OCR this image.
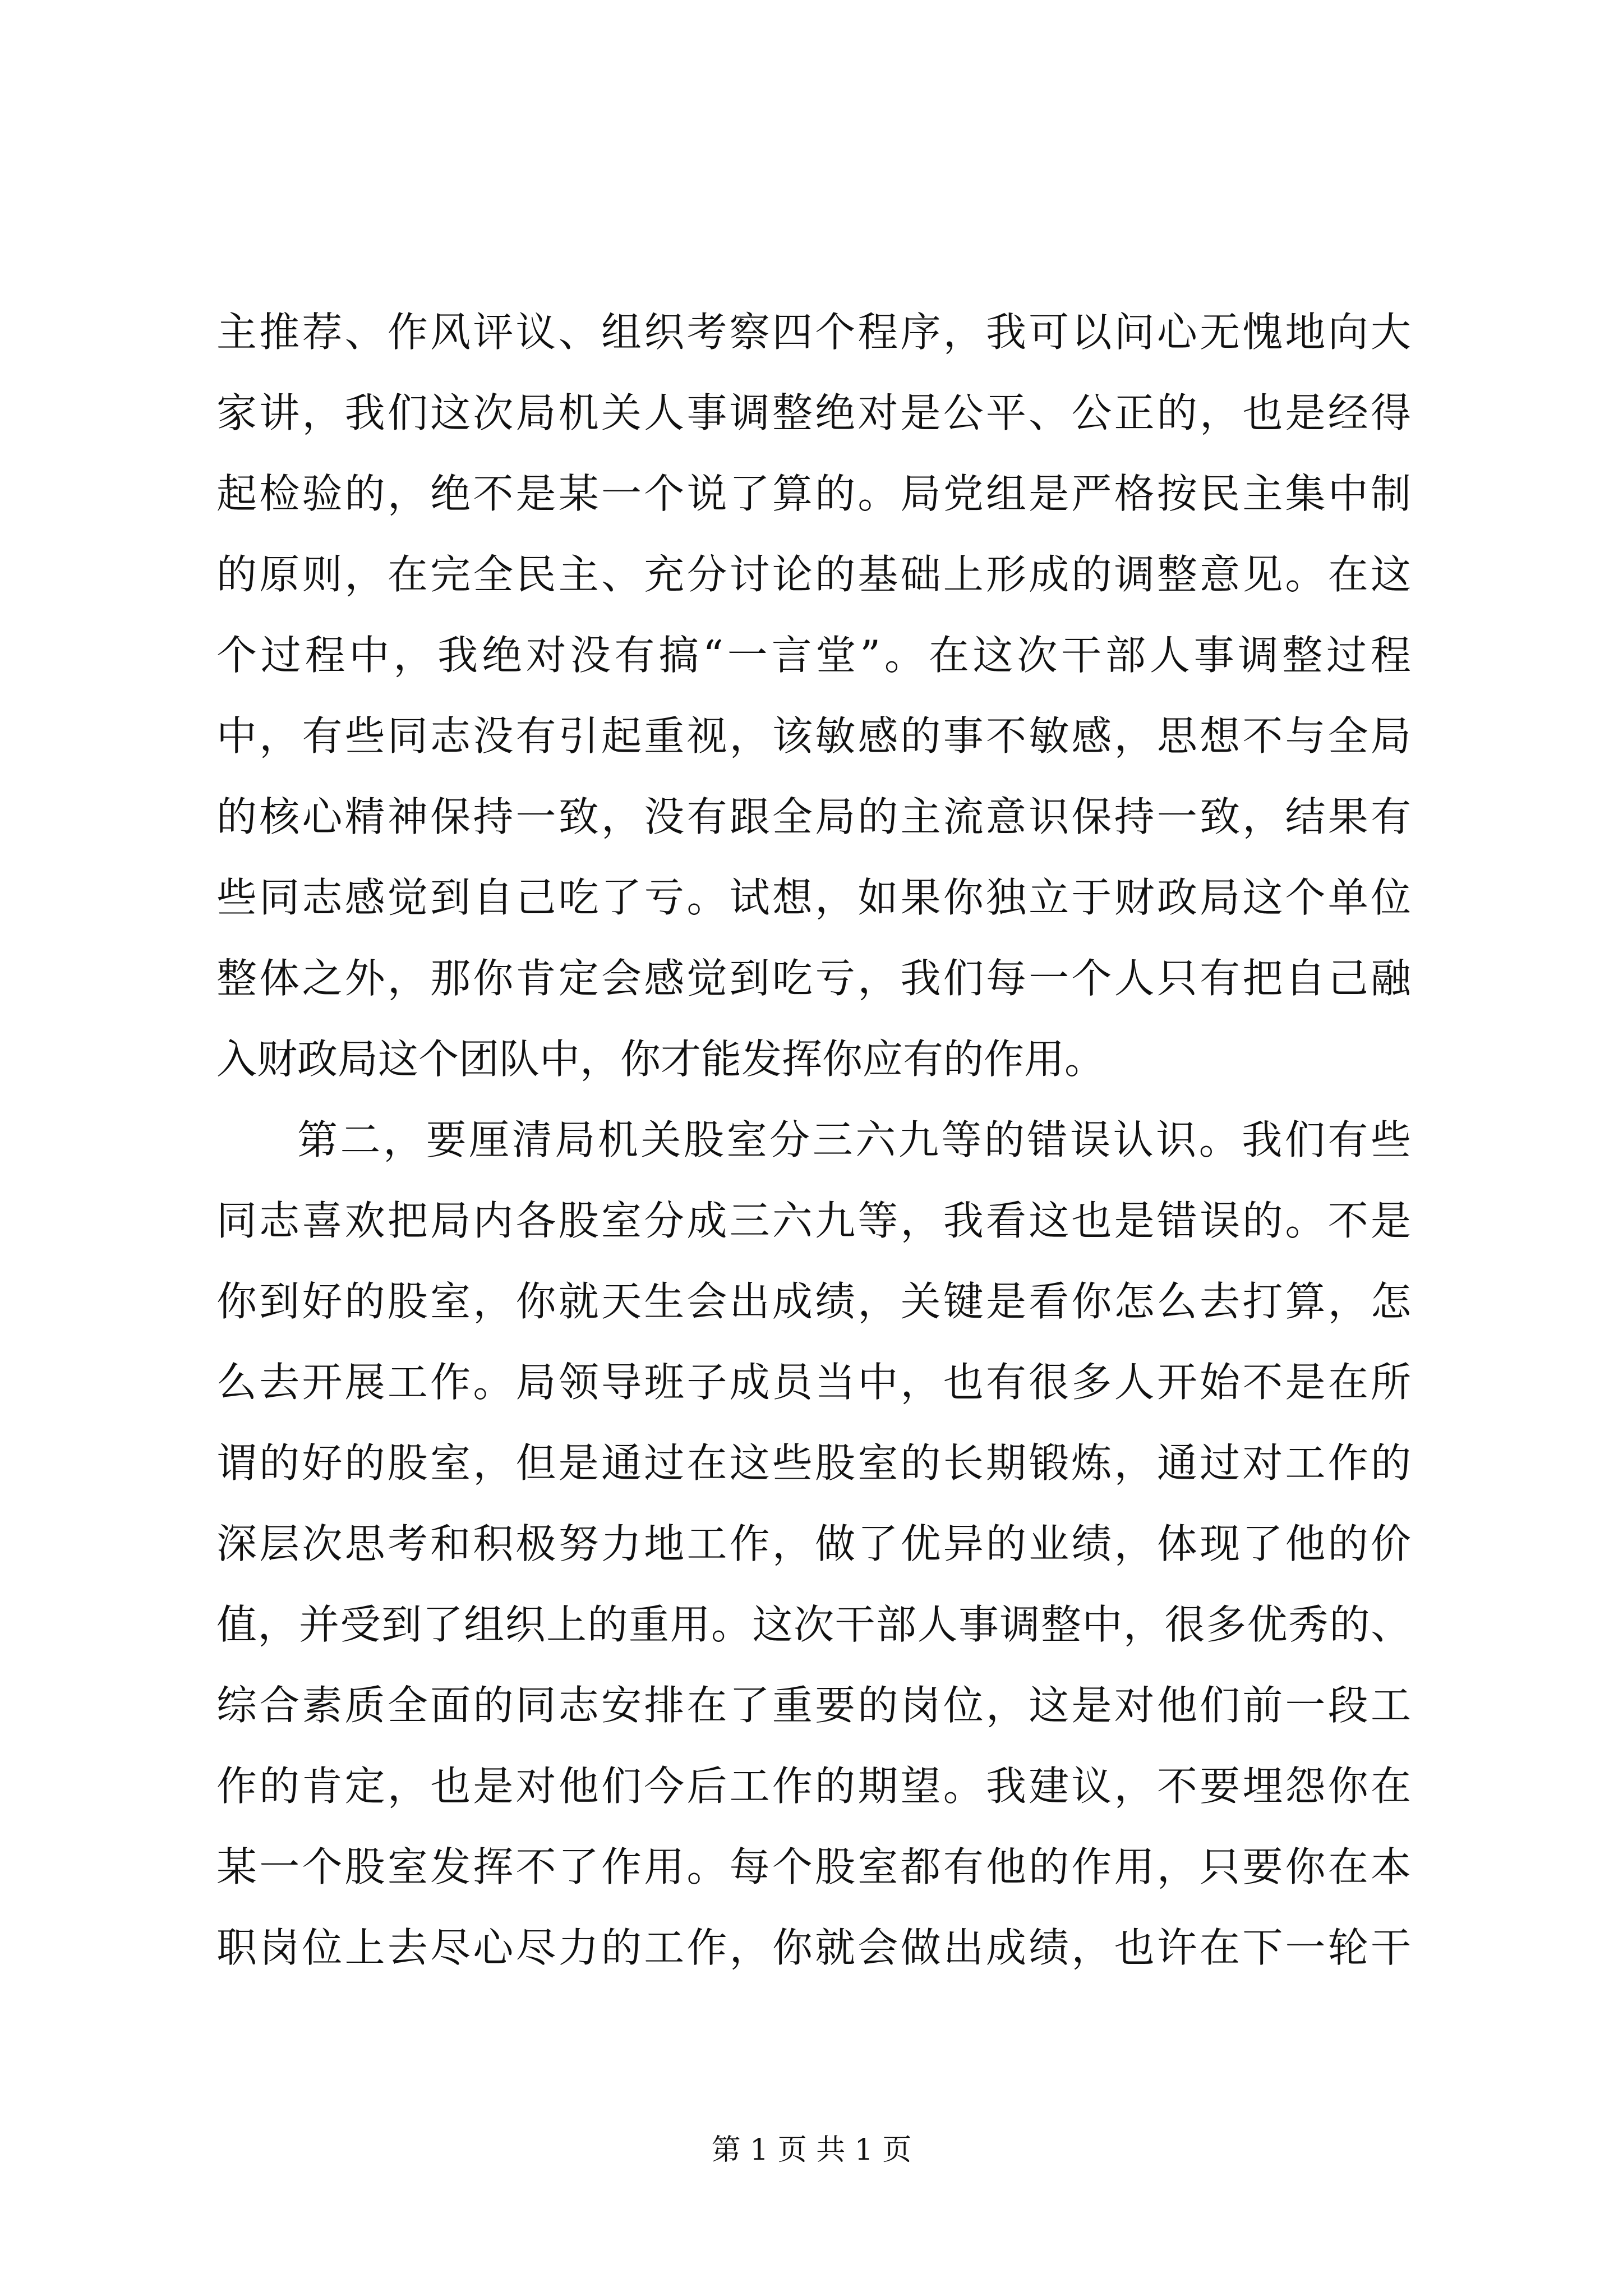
主推荐、作风评议、组织考察四个程序，我可以问心无愧地向大
家讲，我们这次局机关人事调整绝对是公平、公正的，也是经得
起检验的，绝不是某一个说了算的。局党组是严格按民主集中制
的原则，在完全民主、充分讨论的基础上形成的调整意见。在这
个过程中，我绝对没有搞“一言堂”。在这次干部人事调整过程
中，有些同志没有引起重视，该敏感的事不敏感，思想不与全局
的核心精神保持一致，没有跟全局的主流意识保持一致，结果有
些同志感觉到自己吃了亏。试想，如果你独立于财政局这个单位
整体之外，那你肯定会感觉到吃亏，我们每一个人只有把自己融
入财政局这个团队中，你才能发挥你应有的作用。
第二，要厘清局机关股室分三六九等的错误认识。我们有些
同志喜欢把局内各股室分成三六九等，我看这也是错误的。不是
你到好的股室，你就天生会出成绩，关键是看你怎么去打算，怎
么去开展工作。局领导班子成员当中，也有很多人开始不是在所
谓的好的股室，但是通过在这些股室的长期锻炼，通过对工作的
深层次思考和积极努力地工作，做了优异的业绩，体现了他的价
值，并受到了组织上的重用。这次干部人事调整中，很多优秀的、
综合素质全面的同志安排在了重要的岗位，这是对他们前一段工
作的肯定，也是对他们今后工作的期望。我建议，不要埋怨你在
某一个股室发挥不了作用。每个股室都有他的作用，只要你在本
职岗位上去尽心尽力的工作，你就会做出成绩，也许在下一轮干
第 1 页 共 1 页
